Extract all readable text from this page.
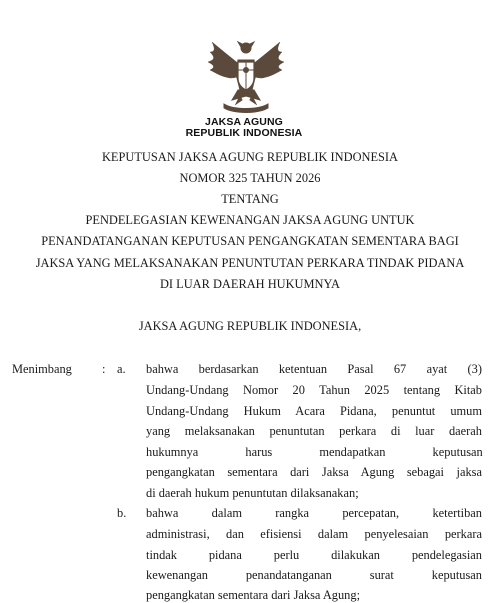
JAKSA AGUNG
REPUBLIK INDONESIA
KEPUTUSAN JAKSA AGUNG REPUBLIK INDONESIA
NOMOR 325 TAHUN 2026
TENTANG
PENDELEGASIAN KEWENANGAN JAKSA AGUNG UNTUK
PENANDATANGANAN KEPUTUSAN PENGANGKATAN SEMENTARA BAGI
JAKSA YANG MELAKSANAKAN PENUNTUTAN PERKARA TINDAK PIDANA
DI LUAR DAERAH HUKUMNYA
JAKSA AGUNG REPUBLIK INDONESIA,
Menimbang : a. bahwa berdasarkan ketentuan Pasal 67 ayat (3)
Undang-Undang Nomor 20 Tahun 2025 tentang Kitab
Undang-Undang Hukum Acara Pidana, penuntut umum
yang melaksanakan penuntutan perkara di luar daerah
hukumnya harus mendapatkan keputusan
pengangkatan sementara dari Jaksa Agung sebagai jaksa
di daerah hukum penuntutan dilaksanakan;
b. bahwa dalam rangka percepatan, ketertiban
administrasi, dan efisiensi dalam penyelesaian perkara
tindak pidana perlu dilakukan pendelegasian
kewenangan penandatanganan surat keputusan
pengangkatan sementara dari Jaksa Agung;
